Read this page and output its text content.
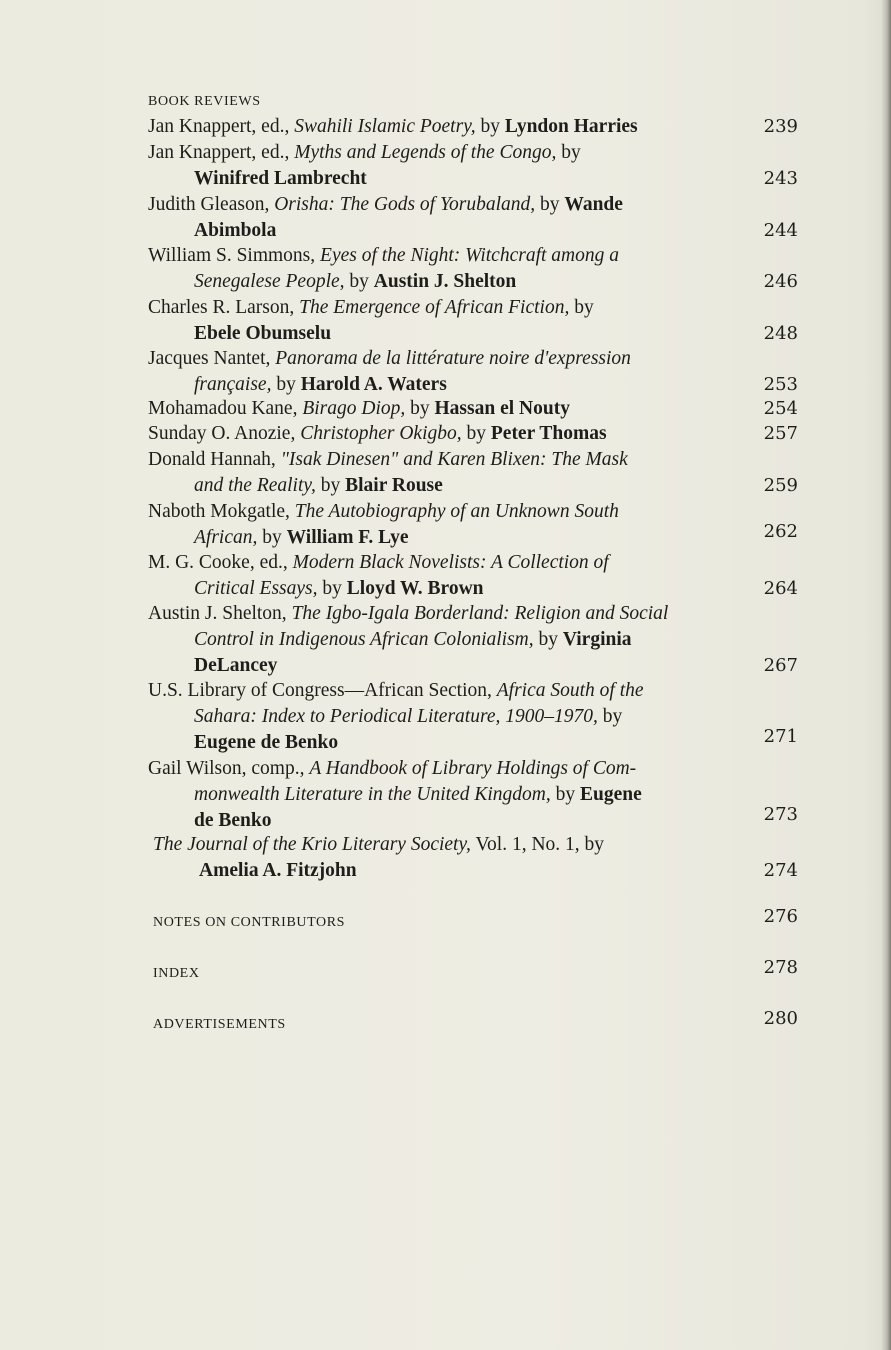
BOOK REVIEWS
Jan Knappert, ed., Swahili Islamic Poetry, by Lyndon Harries	239
Jan Knappert, ed., Myths and Legends of the Congo, by
Winifred Lambrecht	243
Judith Gleason, Orisha: The Gods of Yorubaland, by Wande
Abimbola	244
William S. Simmons, Eyes of the Night: Witchcraft among a
Senegalese People, by Austin J. Shelton	246
Charles R. Larson, The Emergence of African Fiction, by
Ebele Obumselu	248
Jacques Nantet, Panorama de la littérature noire d'expression
française, by Harold A. Waters	253
Mohamadou Kane, Birago Diop, by Hassan el Nouty	254
Sunday O. Anozie, Christopher Okigbo, by Peter Thomas	257
Donald Hannah, "Isak Dinesen" and Karen Blixen: The Mask
and the Reality, by Blair Rouse	259
Naboth Mokgatle, The Autobiography of an Unknown South
African, by William F. Lye	262
M. G. Cooke, ed., Modern Black Novelists: A Collection of
Critical Essays, by Lloyd W. Brown	264
Austin J. Shelton, The Igbo-Igala Borderland: Religion and Social
Control in Indigenous African Colonialism, by Virginia
DeLancey	267
U.S. Library of Congress—African Section, Africa South of the
Sahara: Index to Periodical Literature, 1900–1970, by
Eugene de Benko	271
Gail Wilson, comp., A Handbook of Library Holdings of Com-
monwealth Literature in the United Kingdom, by Eugene
de Benko	273
The Journal of the Krio Literary Society, Vol. 1, No. 1, by
Amelia A. Fitzjohn	274
NOTES ON CONTRIBUTORS	276
INDEX	278
ADVERTISEMENTS	280
